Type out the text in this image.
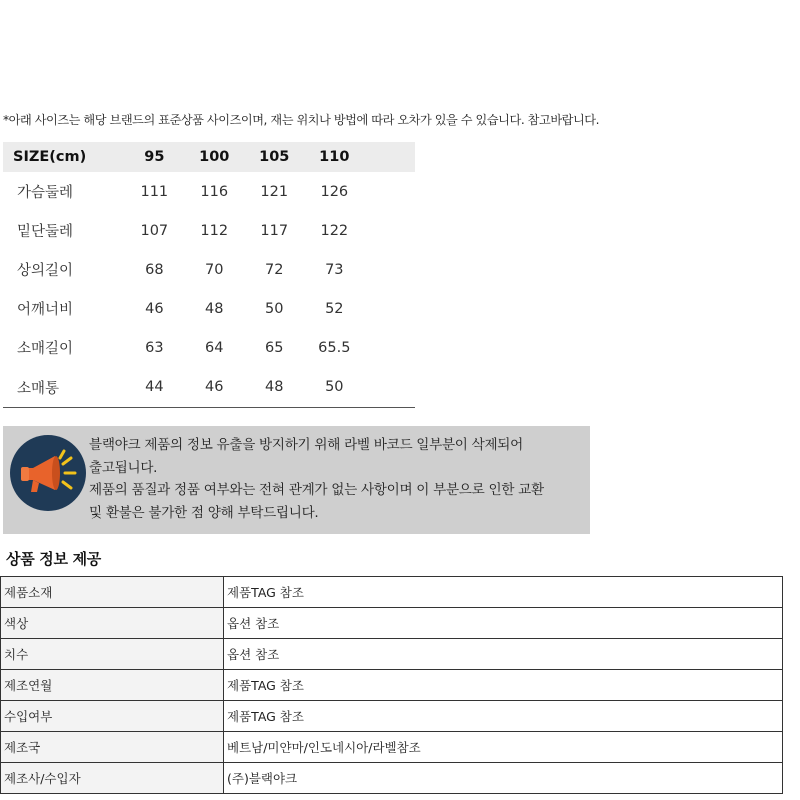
*아래 사이즈는 해당 브랜드의 표준상품 사이즈이며, 재는 위치나 방법에 따라 오차가 있을 수 있습니다. 참고바랍니다.
SIZE(cm)	95	100	105	110	
가슴둘레	111	116	121	126	
밑단둘레	107	112	117	122	
상의길이	68	70	72	73	
어깨너비	46	48	50	52	
소매길이	63	64	65	65.5	
소매통	44	46	48	50	

블랙야크 제품의 정보 유출을 방지하기 위해 라벨 바코드 일부분이 삭제되어

출고됩니다.

제품의 품질과 정품 여부와는 전혀 관계가 없는 사항이며 이 부분으로 인한 교환

및 환불은 불가한 점 양해 부탁드립니다.

상품 정보 제공
제품소재	제품TAG 참조
색상	옵션 참조
치수	옵션 참조
제조연월	제품TAG 참조
수입여부	제품TAG 참조
제조국	베트남/미얀마/인도네시아/라벨참조
제조사/수입자	(주)블랙야크
